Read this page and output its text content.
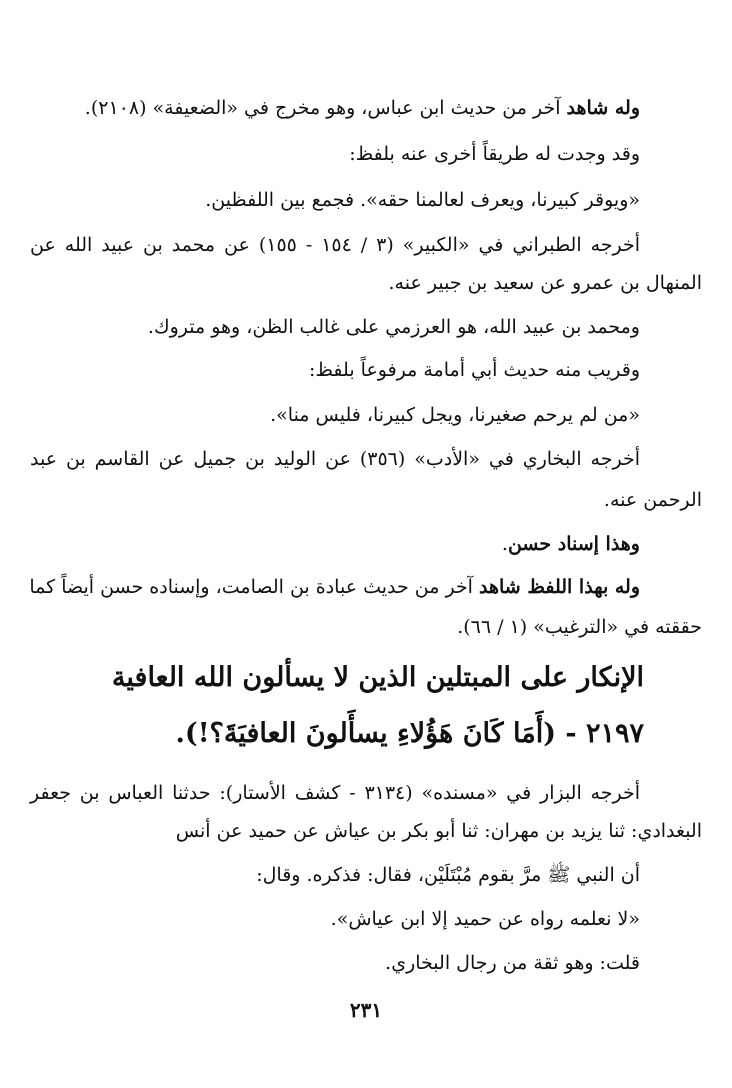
وله شاهد آخر من حديث ابن عباس، وهو مخرج في «الضعيفة» (٢١٠٨).
وقد وجدت له طريقاً أخرى عنه بلفظ:
«ويوقر كبيرنا، ويعرف لعالمنا حقه». فجمع بين اللفظين.
أخرجه الطبراني في «الكبير» (٣ / ١٥٤ - ١٥٥) عن محمد بن عبيد الله عن
المنهال بن عمرو عن سعيد بن جبير عنه.
ومحمد بن عبيد الله، هو العرزمي على غالب الظن، وهو متروك.
وقريب منه حديث أبي أمامة مرفوعاً بلفظ:
«من لم يرحم صغيرنا، ويجل كبيرنا، فليس منا».
أخرجه البخاري في «الأدب» (٣٥٦) عن الوليد بن جميل عن القاسم بن عبد
الرحمن عنه.
وهذا إسناد حسن.
وله بهذا اللفظ شاهد آخر من حديث عبادة بن الصامت، وإسناده حسن أيضاً كما
حققته في «الترغيب» (١ / ٦٦).
الإنكار على المبتلين الذين لا يسألون الله العافية
٢١٩٧ - (أَمَا كَانَ هَؤُلاءِ يسأَلونَ العافيَةَ؟!).
أخرجه البزار في «مسنده» (٣١٣٤ - كشف الأستار): حدثنا العباس بن جعفر
البغدادي: ثنا يزيد بن مهران: ثنا أبو بكر بن عياش عن حميد عن أنس
أن النبي ﷺ مرَّ بقوم مُبْتَلَيْن، فقال: فذكره. وقال:
«لا نعلمه رواه عن حميد إلا ابن عياش».
قلت: وهو ثقة من رجال البخاري.
٢٣١
